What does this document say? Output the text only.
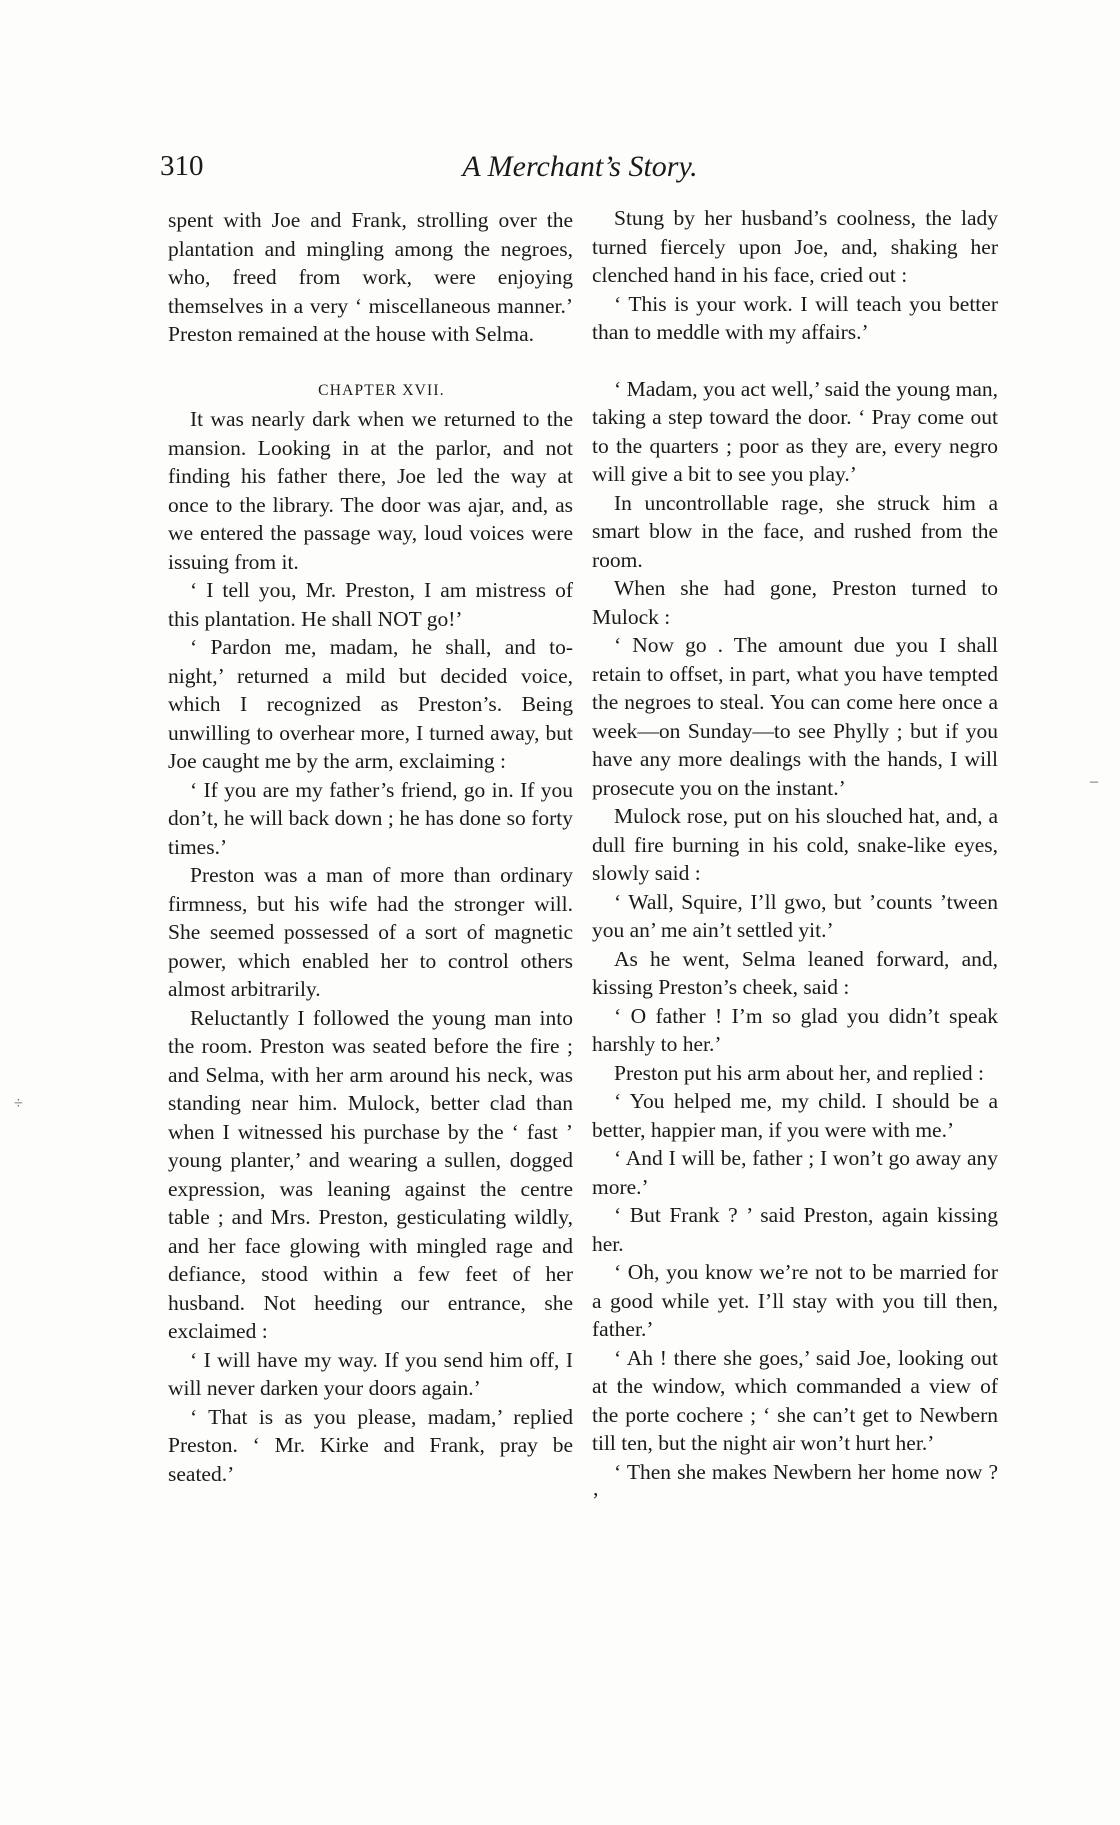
310	A Merchant’s Story.

spent with Joe and Frank, strolling over the plantation and mingling among the negroes, who, freed from work, were enjoying themselves in a very ‘ miscellaneous manner.’ Preston remained at the house with Selma.

CHAPTER XVII.

It was nearly dark when we returned to the mansion. Looking in at the parlor, and not finding his father there, Joe led the way at once to the library. The door was ajar, and, as we entered the passage way, loud voices were issuing from it.

‘ I tell you, Mr. Preston, I am mistress of this plantation. He shall NOT go!’

‘ Pardon me, madam, he shall, and to-night,’ returned a mild but decided voice, which I recognized as Preston’s. Being unwilling to overhear more, I turned away, but Joe caught me by the arm, exclaiming :

‘ If you are my father’s friend, go in. If you don’t, he will back down ; he has done so forty times.’

Preston was a man of more than ordinary firmness, but his wife had the stronger will. She seemed possessed of a sort of magnetic power, which enabled her to control others almost arbitrarily.

Reluctantly I followed the young man into the room. Preston was seated before the fire ; and Selma, with her arm around his neck, was standing near him. Mulock, better clad than when I witnessed his purchase by the ‘ fast ’ young planter,’ and wearing a sullen, dogged expression, was leaning against the centre table ; and Mrs. Preston, gesticulating wildly, and her face glowing with mingled rage and defiance, stood within a few feet of her husband. Not heeding our entrance, she exclaimed :

‘ I will have my way. If you send him off, I will never darken your doors again.’

‘ That is as you please, madam,’ replied Preston. ‘ Mr. Kirke and Frank, pray be seated.’

Stung by her husband’s coolness, the lady turned fiercely upon Joe, and, shaking her clenched hand in his face, cried out :

‘ This is your work. I will teach you better than to meddle with my affairs.’

‘ Madam, you act well,’ said the young man, taking a step toward the door. ‘ Pray come out to the quarters ; poor as they are, every negro will give a bit to see you play.’

In uncontrollable rage, she struck him a smart blow in the face, and rushed from the room.

When she had gone, Preston turned to Mulock :

‘ Now go . The amount due you I shall retain to offset, in part, what you have tempted the negroes to steal. You can come here once a week—on Sunday—to see Phylly ; but if you have any more dealings with the hands, I will prosecute you on the instant.’

Mulock rose, put on his slouched hat, and, a dull fire burning in his cold, snake-like eyes, slowly said :

‘ Wall, Squire, I’ll gwo, but ’counts ’tween you an’ me ain’t settled yit.’

As he went, Selma leaned forward, and, kissing Preston’s cheek, said :

‘ O father ! I’m so glad you didn’t speak harshly to her.’

Preston put his arm about her, and replied :

‘ You helped me, my child. I should be a better, happier man, if you were with me.’

‘ And I will be, father ; I won’t go away any more.’

‘ But Frank ? ’ said Preston, again kissing her.

‘ Oh, you know we’re not to be married for a good while yet. I’ll stay with you till then, father.’

‘ Ah ! there she goes,’ said Joe, looking out at the window, which commanded a view of the porte cochere ; ‘ she can’t get to Newbern till ten, but the night air won’t hurt her.’

‘ Then she makes Newbern her home now ? ’

÷
–
